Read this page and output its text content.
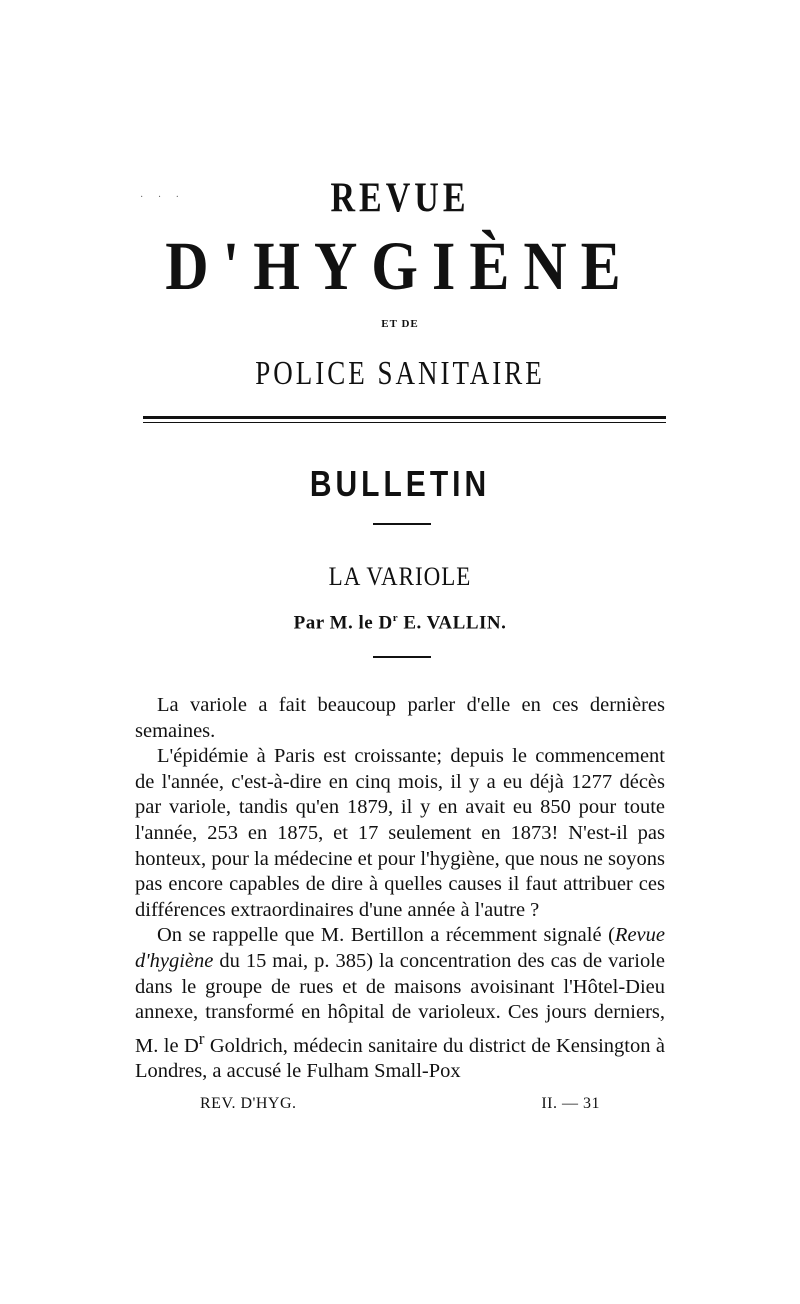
· · ·	REVUE
D'HYGIÈNE
ET DE
POLICE SANITAIRE
BULLETIN
LA VARIOLE
Par M. le $D^r$ E. VALLIN.

La variole a fait beaucoup parler d'elle en ces dernières semaines.

L'épidémie à Paris est croissante; depuis le commencement de l'année, c'est-à-dire en cinq mois, il y a eu déjà 1277 décès par variole, tandis qu'en 1879, il y en avait eu 850 pour toute l'année, 253 en 1875, et 17 seulement en 1873! N'est-il pas honteux, pour la médecine et pour l'hygiène, que nous ne soyons pas encore capables de dire à quelles causes il faut attribuer ces différences extraordinaires d'une année à l'autre ?

On se rappelle que M. Bertillon a récemment signalé (Revue d'hygiène du 15 mai, p. 385) la concentration des cas de variole dans le groupe de rues et de maisons avoisinant l'Hôtel-Dieu annexe, transformé en hôpital de varioleux. Ces jours derniers, M. le $D^r$ Goldrich, médecin sanitaire du district de Kensington à Londres, a accusé le Fulham Small-Pox

REV. D'HYG.	II. — 31
